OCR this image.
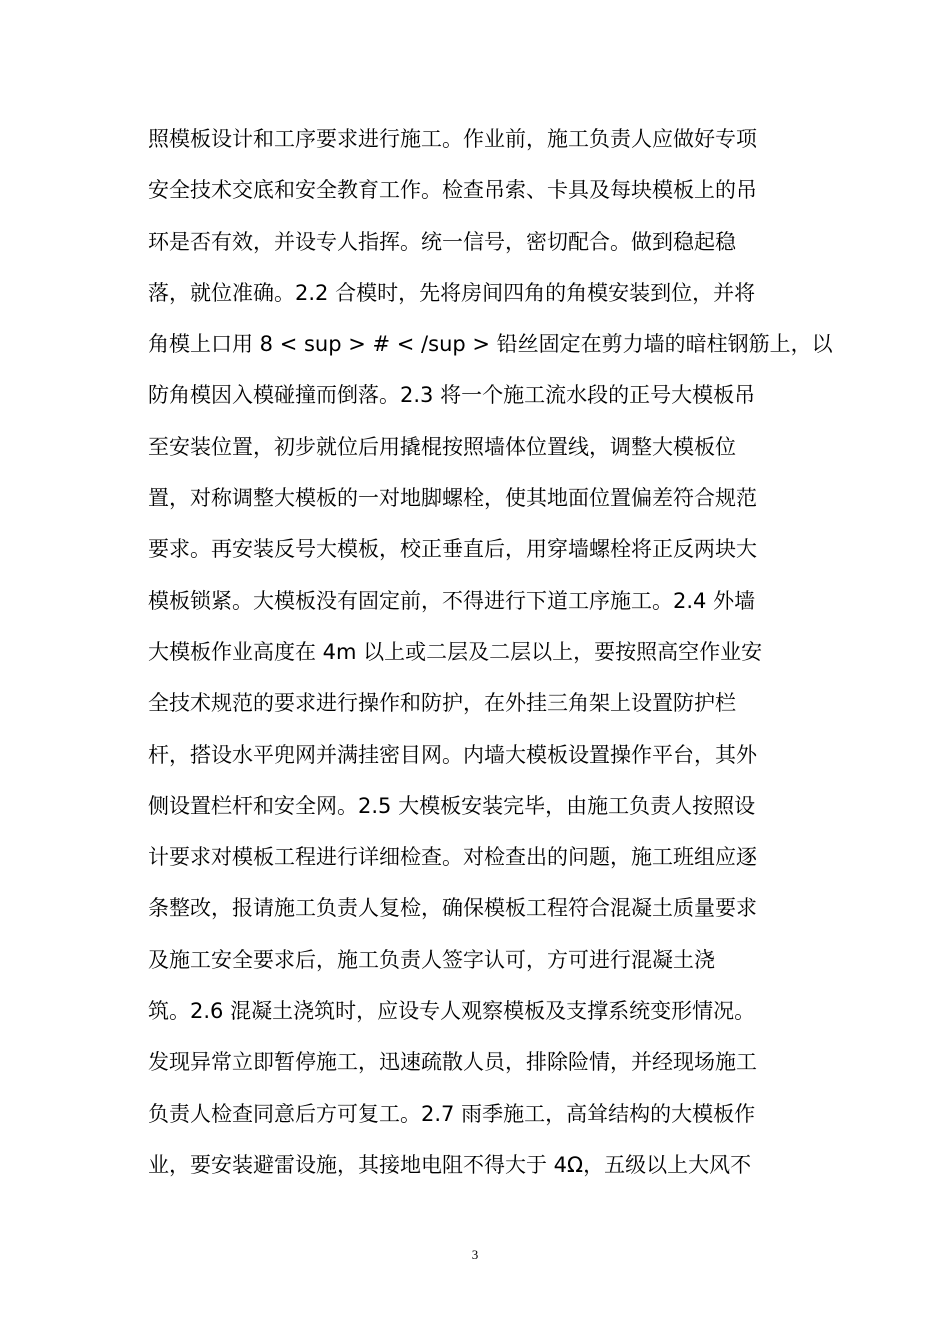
照模板设计和工序要求进行施工。作业前，施工负责人应做好专项
安全技术交底和安全教育工作。检查吊索、卡具及每块模板上的吊
环是否有效，并设专人指挥。统一信号，密切配合。做到稳起稳
落，就位准确。2.2 合模时，先将房间四角的角模安装到位，并将
角模上口用 8 < sup > # < /sup > 铅丝固定在剪力墙的暗柱钢筋上，以
防角模因入模碰撞而倒落。2.3 将一个施工流水段的正号大模板吊
至安装位置，初步就位后用撬棍按照墙体位置线，调整大模板位
置，对称调整大模板的一对地脚螺栓，使其地面位置偏差符合规范
要求。再安装反号大模板，校正垂直后，用穿墙螺栓将正反两块大
模板锁紧。大模板没有固定前，不得进行下道工序施工。2.4 外墙
大模板作业高度在 4m 以上或二层及二层以上，要按照高空作业安
全技术规范的要求进行操作和防护，在外挂三角架上设置防护栏
杆，搭设水平兜网并满挂密目网。内墙大模板设置操作平台，其外
侧设置栏杆和安全网。2.5 大模板安装完毕，由施工负责人按照设
计要求对模板工程进行详细检查。对检查出的问题，施工班组应逐
条整改，报请施工负责人复检，确保模板工程符合混凝土质量要求
及施工安全要求后，施工负责人签字认可，方可进行混凝土浇
筑。2.6 混凝土浇筑时，应设专人观察模板及支撑系统变形情况。
发现异常立即暂停施工，迅速疏散人员，排除险情，并经现场施工
负责人检查同意后方可复工。2.7 雨季施工，高耸结构的大模板作
业，要安装避雷设施，其接地电阻不得大于 4Ω，五级以上大风不
3
